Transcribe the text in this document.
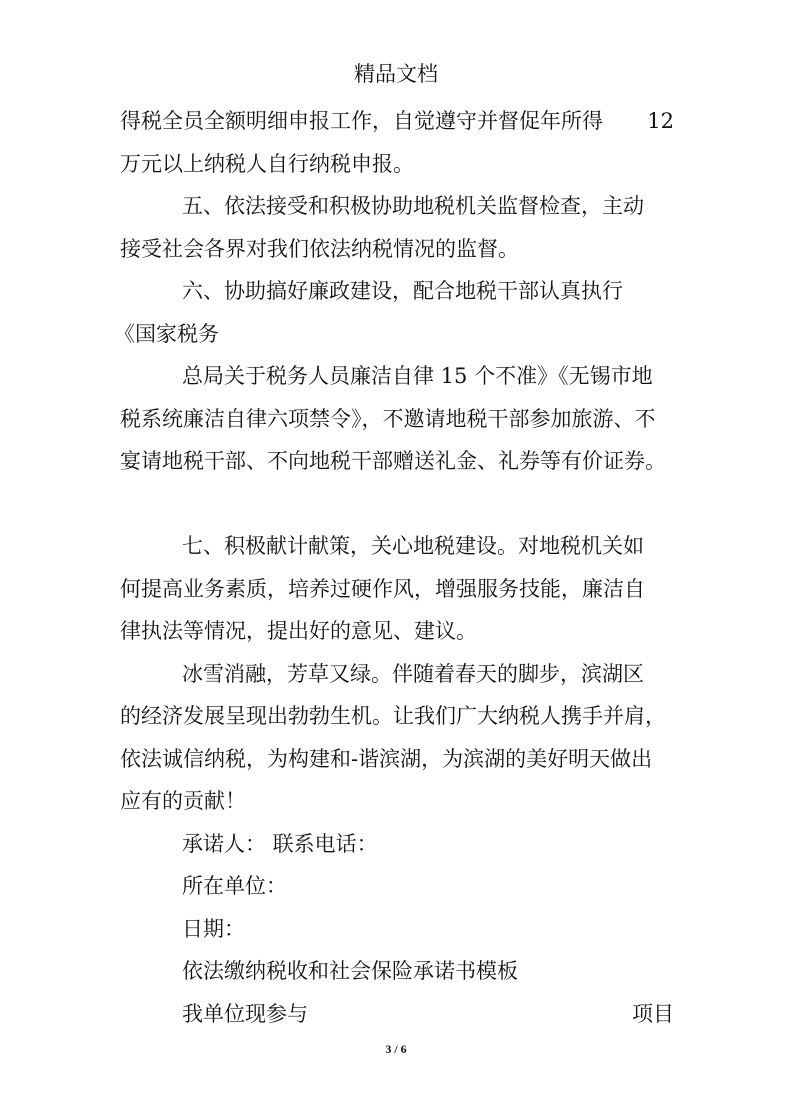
精品文档
得税全员全额明细申报工作，自觉遵守并督促年所得 12
万元以上纳税人自行纳税申报。
五、依法接受和积极协助地税机关监督检查，主动
接受社会各界对我们依法纳税情况的监督。
六、协助搞好廉政建设，配合地税干部认真执行
《国家税务
总局关于税务人员廉洁自律 15 个不准》《无锡市地
税系统廉洁自律六项禁令》，不邀请地税干部参加旅游、不
宴请地税干部、不向地税干部赠送礼金、礼券等有价证券。
七、积极献计献策，关心地税建设。对地税机关如
何提高业务素质，培养过硬作风，增强服务技能，廉洁自
律执法等情况，提出好的意见、建议。
冰雪消融，芳草又绿。伴随着春天的脚步，滨湖区
的经济发展呈现出勃勃生机。让我们广大纳税人携手并肩，
依法诚信纳税，为构建和-谐滨湖，为滨湖的美好明天做出
应有的贡献！
承诺人： 联系电话：
所在单位：
日期：
依法缴纳税收和社会保险承诺书模板
我单位现参与	项目
3 / 6
